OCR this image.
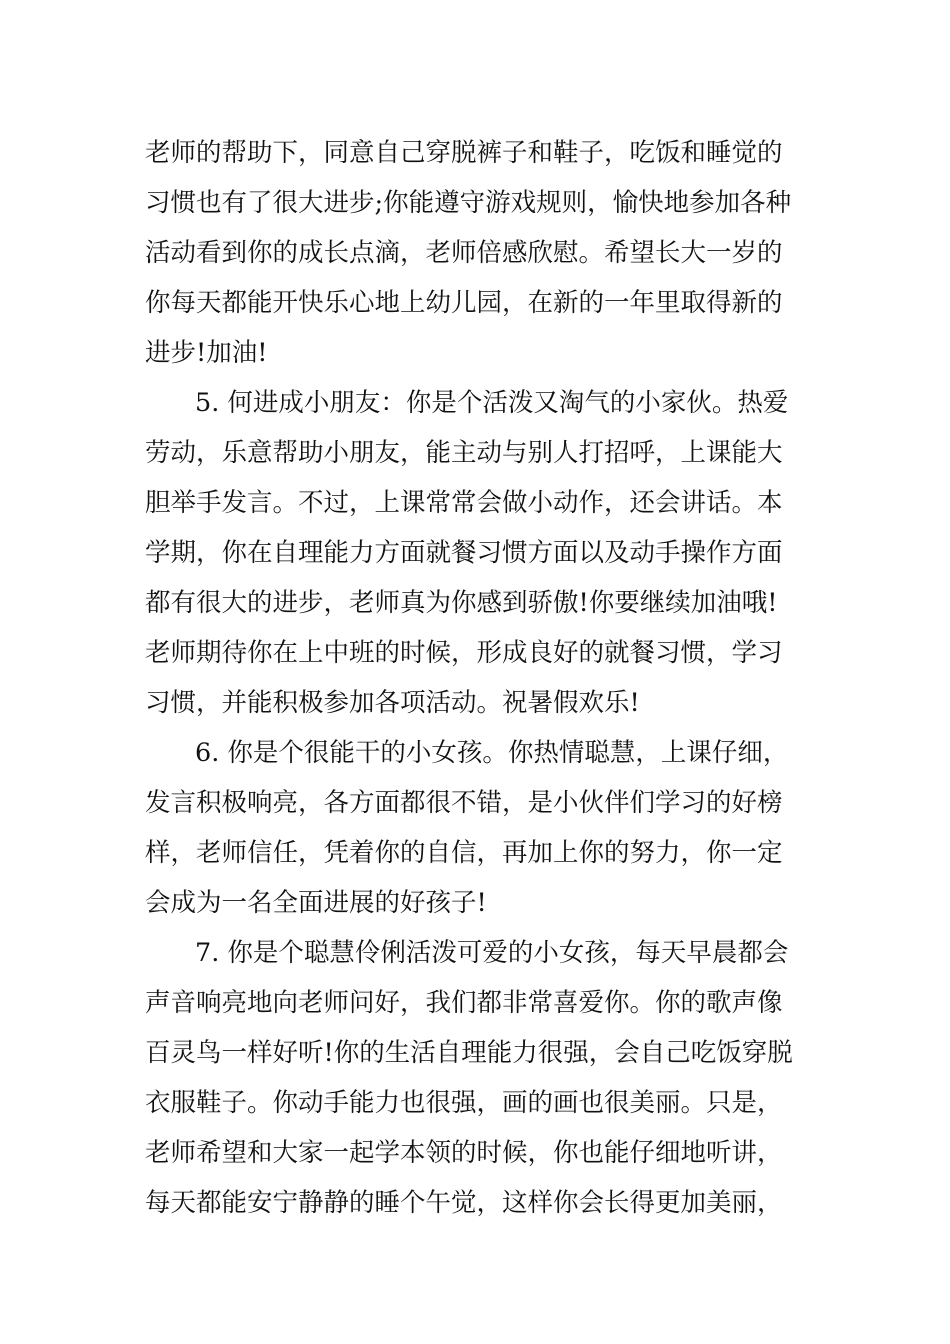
老师的帮助下，同意自己穿脱裤子和鞋子，吃饭和睡觉的
习惯也有了很大进步;你能遵守游戏规则，愉快地参加各种
活动看到你的成长点滴，老师倍感欣慰。希望长大一岁的
你每天都能开快乐心地上幼儿园，在新的一年里取得新的
进步!加油!
5. 何进成小朋友：你是个活泼又淘气的小家伙。热爱
劳动，乐意帮助小朋友，能主动与别人打招呼，上课能大
胆举手发言。不过，上课常常会做小动作，还会讲话。本
学期，你在自理能力方面就餐习惯方面以及动手操作方面
都有很大的进步，老师真为你感到骄傲!你要继续加油哦!
老师期待你在上中班的时候，形成良好的就餐习惯，学习
习惯，并能积极参加各项活动。祝暑假欢乐!
6. 你是个很能干的小女孩。你热情聪慧，上课仔细，
发言积极响亮，各方面都很不错，是小伙伴们学习的好榜
样，老师信任，凭着你的自信，再加上你的努力，你一定
会成为一名全面进展的好孩子!
7. 你是个聪慧伶俐活泼可爱的小女孩，每天早晨都会
声音响亮地向老师问好，我们都非常喜爱你。你的歌声像
百灵鸟一样好听!你的生活自理能力很强，会自己吃饭穿脱
衣服鞋子。你动手能力也很强，画的画也很美丽。只是，
老师希望和大家一起学本领的时候，你也能仔细地听讲，
每天都能安宁静静的睡个午觉，这样你会长得更加美丽，
